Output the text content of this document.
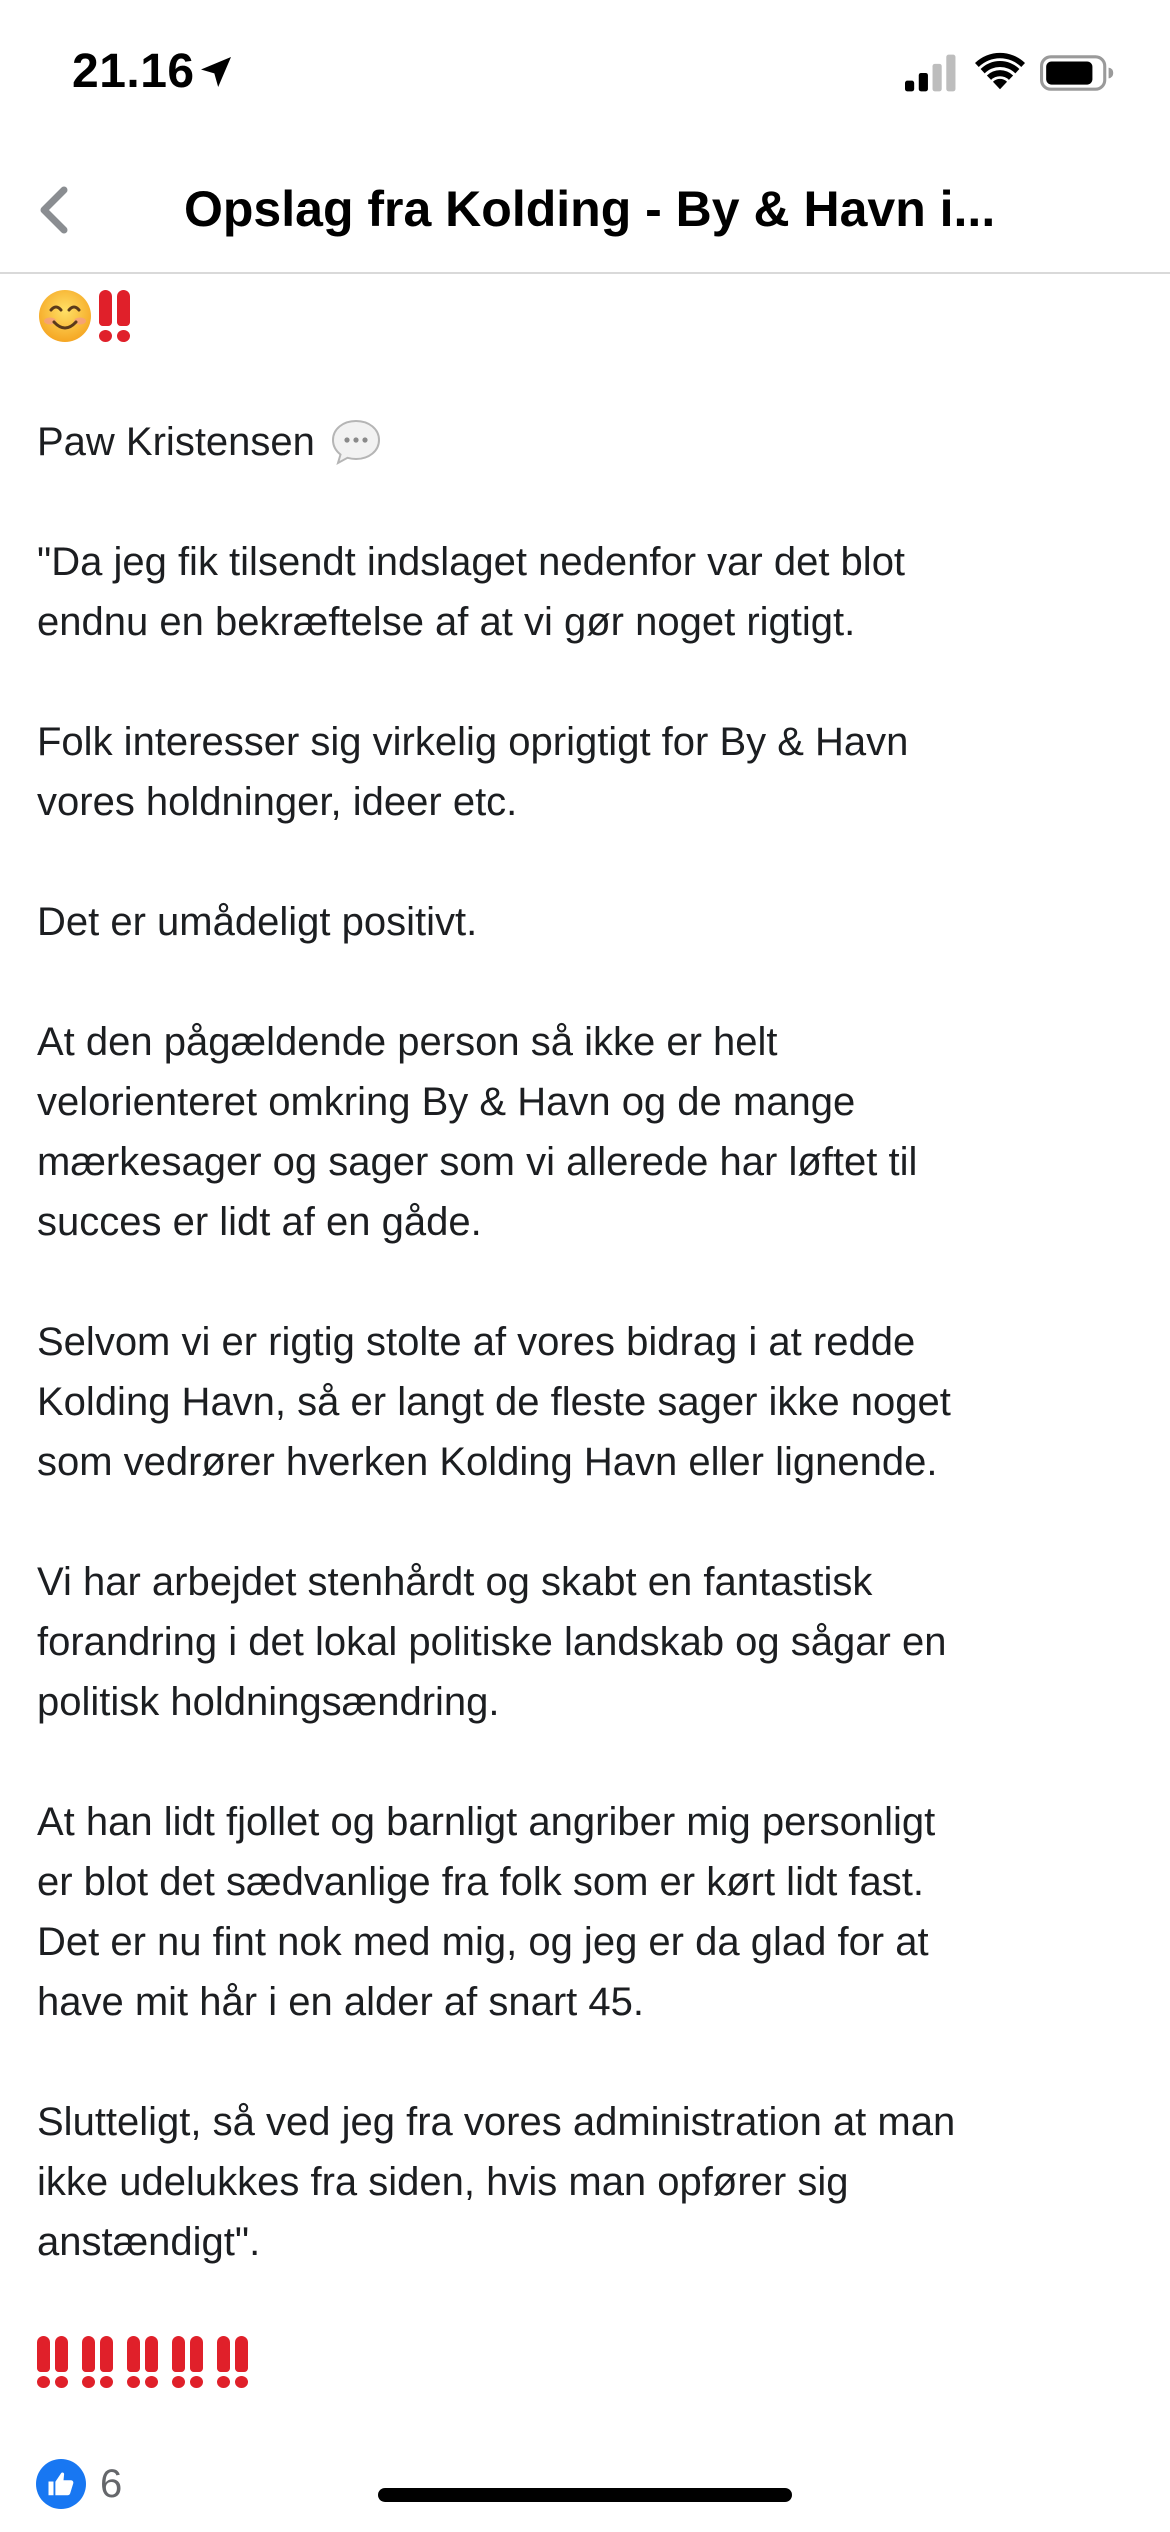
21.16
Opslag fra Kolding - By & Havn i...
Paw Kristensen

"Da jeg fik tilsendt indslaget nedenfor var det blot
endnu en bekræftelse af at vi gør noget rigtigt.

Folk interesser sig virkelig oprigtigt for By & Havn
vores holdninger, ideer etc.

Det er umådeligt positivt.

At den pågældende person så ikke er helt
velorienteret omkring By & Havn og de mange
mærkesager og sager som vi allerede har løftet til
succes er lidt af en gåde.

Selvom vi er rigtig stolte af vores bidrag i at redde
Kolding Havn, så er langt de fleste sager ikke noget
som vedrører hverken Kolding Havn eller lignende.

Vi har arbejdet stenhårdt og skabt en fantastisk
forandring i det lokal politiske landskab og sågar en
politisk holdningsændring.

At han lidt fjollet og barnligt angriber mig personligt
er blot det sædvanlige fra folk som er kørt lidt fast.
Det er nu fint nok med mig, og jeg er da glad for at
have mit hår i en alder af snart 45.

Slutteligt, så ved jeg fra vores administration at man
ikke udelukkes fra siden, hvis man opfører sig
anstændigt".

6
